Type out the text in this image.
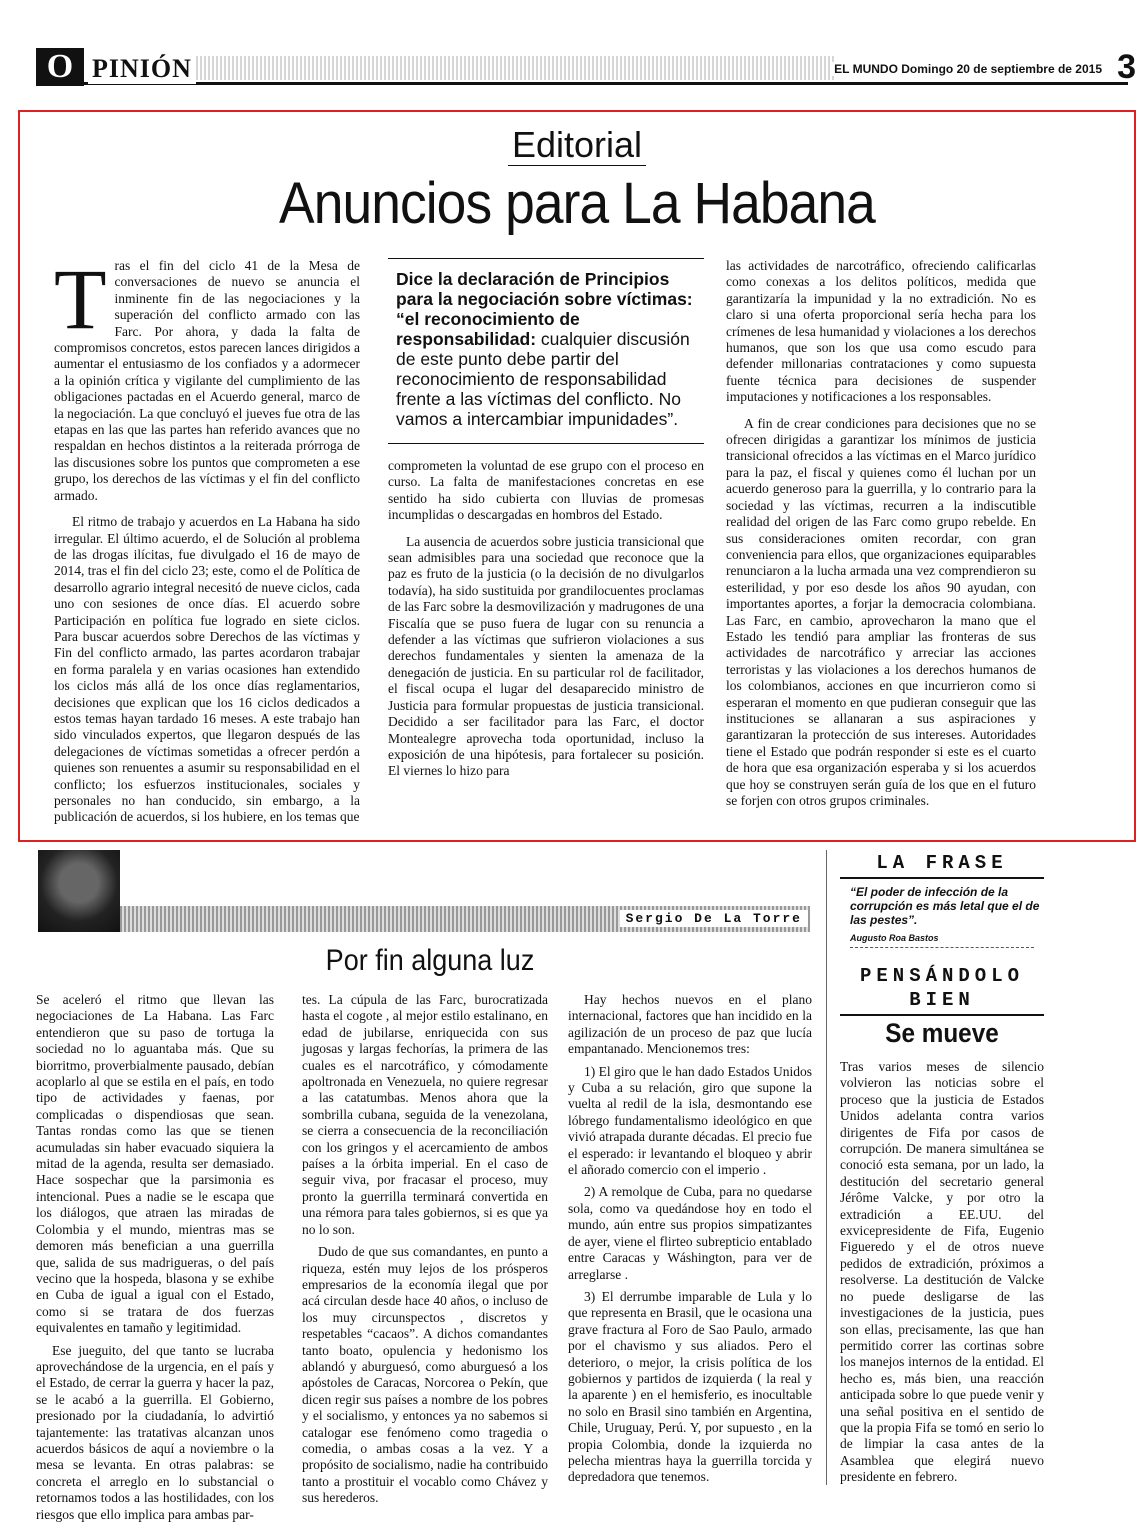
O PINIÓN	EL MUNDO Domingo 20 de septiembre de 2015 3
Editorial
Anuncios para La Habana

T ras el fin del ciclo 41 de la Mesa de conversaciones de nuevo se anuncia el inminente fin de las negociaciones y la superación del conflicto armado con las Farc. Por ahora, y dada la falta de compromisos concretos, estos parecen lances dirigidos a aumentar el entusiasmo de los confiados y a adormecer a la opinión crítica y vigilante del cumplimiento de las obligaciones pactadas en el Acuerdo general, marco de la negociación. La que concluyó el jueves fue otra de las etapas en las que las partes han referido avances que no respaldan en hechos distintos a la reiterada prórroga de las discusiones sobre los puntos que comprometen a ese grupo, los derechos de las víctimas y el fin del conflicto armado.

El ritmo de trabajo y acuerdos en La Habana ha sido irregular. El último acuerdo, el de Solución al problema de las drogas ilícitas, fue divulgado el 16 de mayo de 2014, tras el fin del ciclo 23; este, como el de Política de desarrollo agrario integral necesitó de nueve ciclos, cada uno con sesiones de once días. El acuerdo sobre Participación en política fue logrado en siete ciclos. Para buscar acuerdos sobre Derechos de las víctimas y Fin del conflicto armado, las partes acordaron trabajar en forma paralela y en varias ocasiones han extendido los ciclos más allá de los once días reglamentarios, decisiones que explican que los 16 ciclos dedicados a estos temas hayan tardado 16 meses. A este trabajo han sido vinculados expertos, que llegaron después de las delegaciones de víctimas sometidas a ofrecer perdón a quienes son renuentes a asumir su responsabilidad en el conflicto; los esfuerzos institucionales, sociales y personales no han conducido, sin embargo, a la publicación de acuerdos, si los hubiere, en los temas que

Dice la declaración de Principios para la negociación sobre víctimas: “el reconocimiento de responsabilidad: cualquier discusión de este punto debe partir del reconocimiento de responsabilidad frente a las víctimas del conflicto. No vamos a intercambiar impunidades”.

comprometen la voluntad de ese grupo con el proceso en curso. La falta de manifestaciones concretas en ese sentido ha sido cubierta con lluvias de promesas incumplidas o descargadas en hombros del Estado.

La ausencia de acuerdos sobre justicia transicional que sean admisibles para una sociedad que reconoce que la paz es fruto de la justicia (o la decisión de no divulgarlos todavía), ha sido sustituida por grandilocuentes proclamas de las Farc sobre la desmovilización y madrugones de una Fiscalía que se puso fuera de lugar con su renuncia a defender a las víctimas que sufrieron violaciones a sus derechos fundamentales y sienten la amenaza de la denegación de justicia. En su particular rol de facilitador, el fiscal ocupa el lugar del desaparecido ministro de Justicia para formular propuestas de justicia transicional. Decidido a ser facilitador para las Farc, el doctor Montealegre aprovecha toda oportunidad, incluso la exposición de una hipótesis, para fortalecer su posición. El viernes lo hizo para

las actividades de narcotráfico, ofreciendo calificarlas como conexas a los delitos políticos, medida que garantizaría la impunidad y la no extradición. No es claro si una oferta proporcional sería hecha para los crímenes de lesa humanidad y violaciones a los derechos humanos, que son los que usa como escudo para defender millonarias contrataciones y como supuesta fuente técnica para decisiones de suspender imputaciones y notificaciones a los responsables.

A fin de crear condiciones para decisiones que no se ofrecen dirigidas a garantizar los mínimos de justicia transicional ofrecidos a las víctimas en el Marco jurídico para la paz, el fiscal y quienes como él luchan por un acuerdo generoso para la guerrilla, y lo contrario para la sociedad y las víctimas, recurren a la indiscutible realidad del origen de las Farc como grupo rebelde. En sus consideraciones omiten recordar, con gran conveniencia para ellos, que organizaciones equiparables renunciaron a la lucha armada una vez comprendieron su esterilidad, y por eso desde los años 90 ayudan, con importantes aportes, a forjar la democracia colombiana. Las Farc, en cambio, aprovecharon la mano que el Estado les tendió para ampliar las fronteras de sus actividades de narcotráfico y arreciar las acciones terroristas y las violaciones a los derechos humanos de los colombianos, acciones en que incurrieron como si esperaran el momento en que pudieran conseguir que las instituciones se allanaran a sus aspiraciones y garantizaran la protección de sus intereses. Autoridades tiene el Estado que podrán responder si este es el cuarto de hora que esa organización esperaba y si los acuerdos que hoy se construyen serán guía de los que en el futuro se forjen con otros grupos criminales.

Sergio De La Torre
Por fin alguna luz

Se aceleró el ritmo que llevan las negociaciones de La Habana. Las Farc entendieron que su paso de tortuga la sociedad no lo aguantaba más. Que su biorritmo, proverbialmente pausado, debían acoplarlo al que se estila en el país, en todo tipo de actividades y faenas, por complicadas o dispendiosas que sean. Tantas rondas como las que se tienen acumuladas sin haber evacuado siquiera la mitad de la agenda, resulta ser demasiado. Hace sospechar que la parsimonia es intencional. Pues a nadie se le escapa que los diálogos, que atraen las miradas de Colombia y el mundo, mientras mas se demoren más benefician a una guerrilla que, salida de sus madrigueras, o del país vecino que la hospeda, blasona y se exhibe en Cuba de igual a igual con el Estado, como si se tratara de dos fuerzas equivalentes en tamaño y legitimidad.

Ese jueguito, del que tanto se lucraba aprovechándose de la urgencia, en el país y el Estado, de cerrar la guerra y hacer la paz, se le acabó a la guerrilla. El Gobierno, presionado por la ciudadanía, lo advirtió tajantemente: las tratativas alcanzan unos acuerdos básicos de aquí a noviembre o la mesa se levanta. En otras palabras: se concreta el arreglo en lo substancial o retornamos todos a las hostilidades, con los riesgos que ello implica para ambas par-

tes. La cúpula de las Farc, burocratizada hasta el cogote , al mejor estilo estalinano, en edad de jubilarse, enriquecida con sus jugosas y largas fechorías, la primera de las cuales es el narcotráfico, y cómodamente apoltronada en Venezuela, no quiere regresar a las catatumbas. Menos ahora que la sombrilla cubana, seguida de la venezolana, se cierra a consecuencia de la reconciliación con los gringos y el acercamiento de ambos países a la órbita imperial. En el caso de seguir viva, por fracasar el proceso, muy pronto la guerrilla terminará convertida en una rémora para tales gobiernos, si es que ya no lo son.

Dudo de que sus comandantes, en punto a riqueza, estén muy lejos de los prósperos empresarios de la economía ilegal que por acá circulan desde hace 40 años, o incluso de los muy circunspectos , discretos y respetables “cacaos”. A dichos comandantes tanto boato, opulencia y hedonismo los ablandó y aburguesó, como aburguesó a los apóstoles de Caracas, Norcorea o Pekín, que dicen regir sus países a nombre de los pobres y el socialismo, y entonces ya no sabemos si catalogar ese fenómeno como tragedia o comedia, o ambas cosas a la vez. Y a propósito de socialismo, nadie ha contribuido tanto a prostituir el vocablo como Chávez y sus herederos.

Hay hechos nuevos en el plano internacional, factores que han incidido en la agilización de un proceso de paz que lucía empantanado. Mencionemos tres:

1) El giro que le han dado Estados Unidos y Cuba a su relación, giro que supone la vuelta al redil de la isla, desmontando ese lóbrego fundamentalismo ideológico en que vivió atrapada durante décadas. El precio fue el esperado: ir levantando el bloqueo y abrir el añorado comercio con el imperio .

2) A remolque de Cuba, para no quedarse sola, como va quedándose hoy en todo el mundo, aún entre sus propios simpatizantes de ayer, viene el flirteo subrepticio entablado entre Caracas y Wáshington, para ver de arreglarse .

3) El derrumbe imparable de Lula y lo que representa en Brasil, que le ocasiona una grave fractura al Foro de Sao Paulo, armado por el chavismo y sus aliados. Pero el deterioro, o mejor, la crisis política de los gobiernos y partidos de izquierda ( la real y la aparente ) en el hemisferio, es inocultable no solo en Brasil sino también en Argentina, Chile, Uruguay, Perú. Y, por supuesto , en la propia Colombia, donde la izquierda no pelecha mientras haya la guerrilla torcida y depredadora que tenemos.

LA FRASE
“El poder de infección de la corrupción es más letal que el de las pestes”.
Augusto Roa Bastos
PENSÁNDOLO
BIEN
Se mueve
Tras varios meses de silencio volvieron las noticias sobre el proceso que la justicia de Estados Unidos adelanta contra varios dirigentes de Fifa por casos de corrupción. De manera simultánea se conoció esta semana, por un lado, la destitución del secretario general Jérôme Valcke, y por otro la extradición a EE.UU. del exvicepresidente de Fifa, Eugenio Figueredo y el de otros nueve pedidos de extradición, próximos a resolverse. La destitución de Valcke no puede desligarse de las investigaciones de la justicia, pues son ellas, precisamente, las que han permitido correr las cortinas sobre los manejos internos de la entidad. El hecho es, más bien, una reacción anticipada sobre lo que puede venir y una señal positiva en el sentido de que la propia Fifa se tomó en serio lo de limpiar la casa antes de la Asamblea que elegirá nuevo presidente en febrero.
